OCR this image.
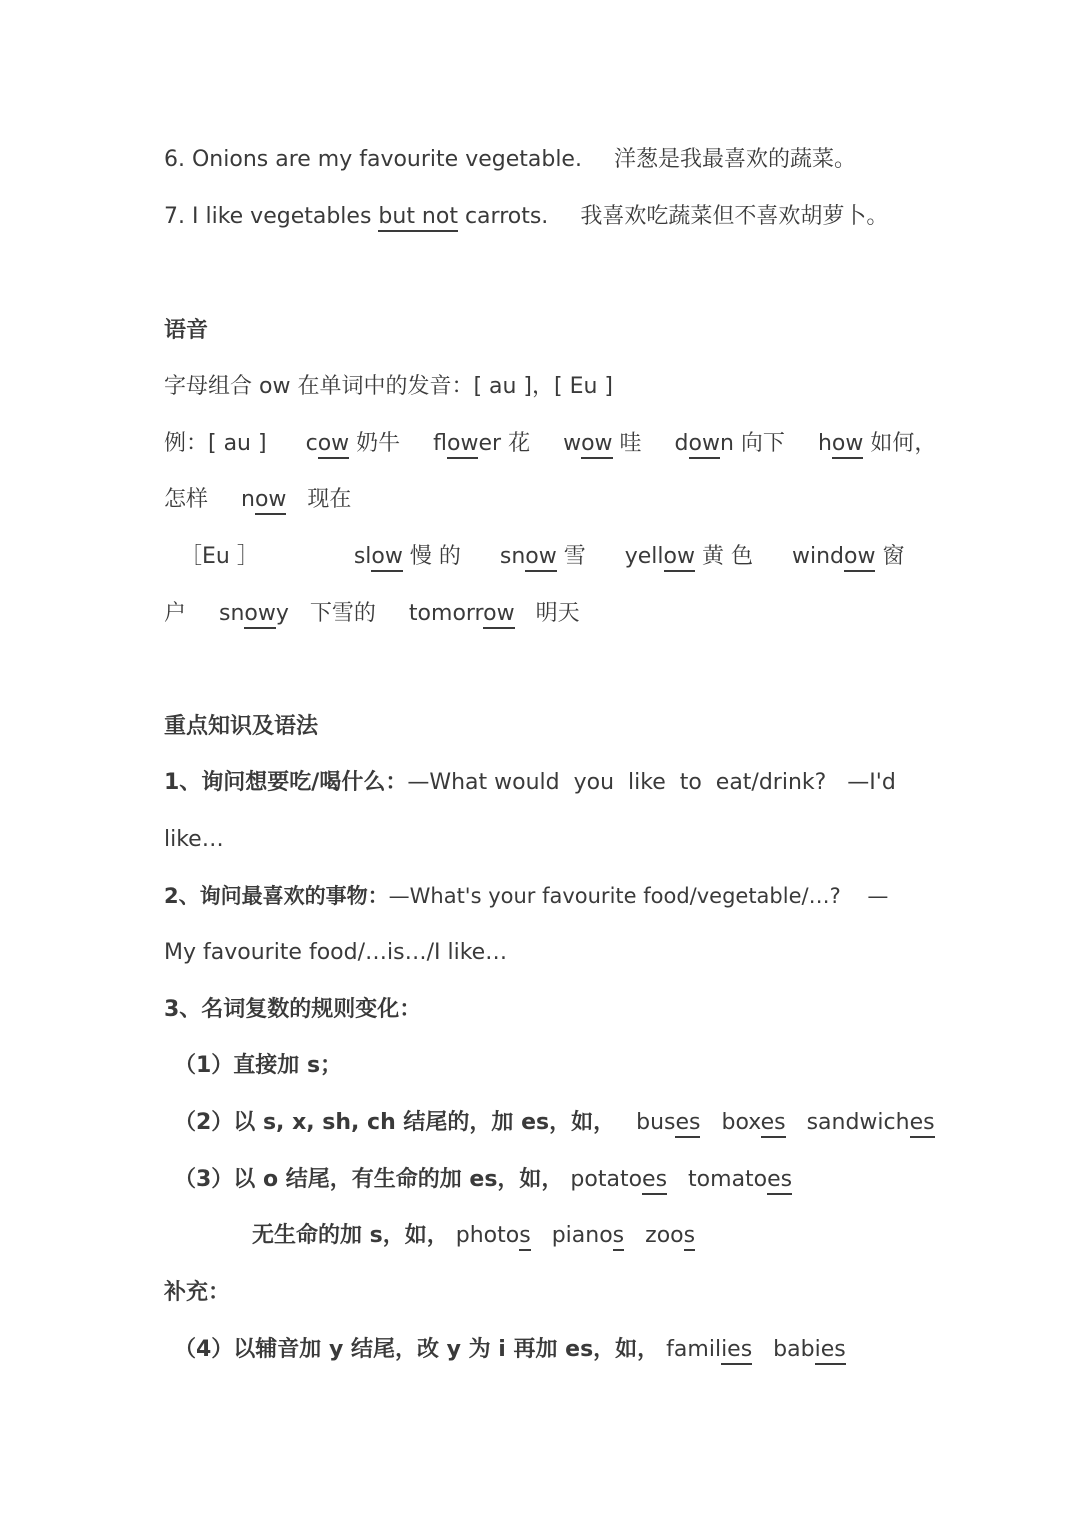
6. Onions are my favourite vegetable. 洋葱是我最喜欢的蔬菜。
7. I like vegetables but not carrots. 我喜欢吃蔬菜但不喜欢胡萝卜。
语音
字母组合 ow 在单词中的发音：[ au ]，[ Eu ]
例：[ au ] cow 奶牛 flower 花 wow 哇 down 向下 how 如何，
怎样 now 现在
［Eu ］	slow 慢 的 snow 雪 yellow 黄 色 window 窗
户 snowy 下雪的 tomorrow 明天
重点知识及语法
1、询问想要吃/喝什么：—What would  you  like  to  eat/drink?   —I'd
like…
2、询问最喜欢的事物：—What's your favourite food/vegetable/…?    —
My favourite food/…is…/I like…
3、名词复数的规则变化：
（1）直接加 s；
（2）以 s, x, sh, ch 结尾的，加 es，如， buses boxes sandwiches
（3）以 o 结尾，有生命的加 es，如， potatoes tomatoes
无生命的加 s，如， photos pianos zoos
补充：
（4）以辅音加 y 结尾，改 y 为 i 再加 es，如， families babies
